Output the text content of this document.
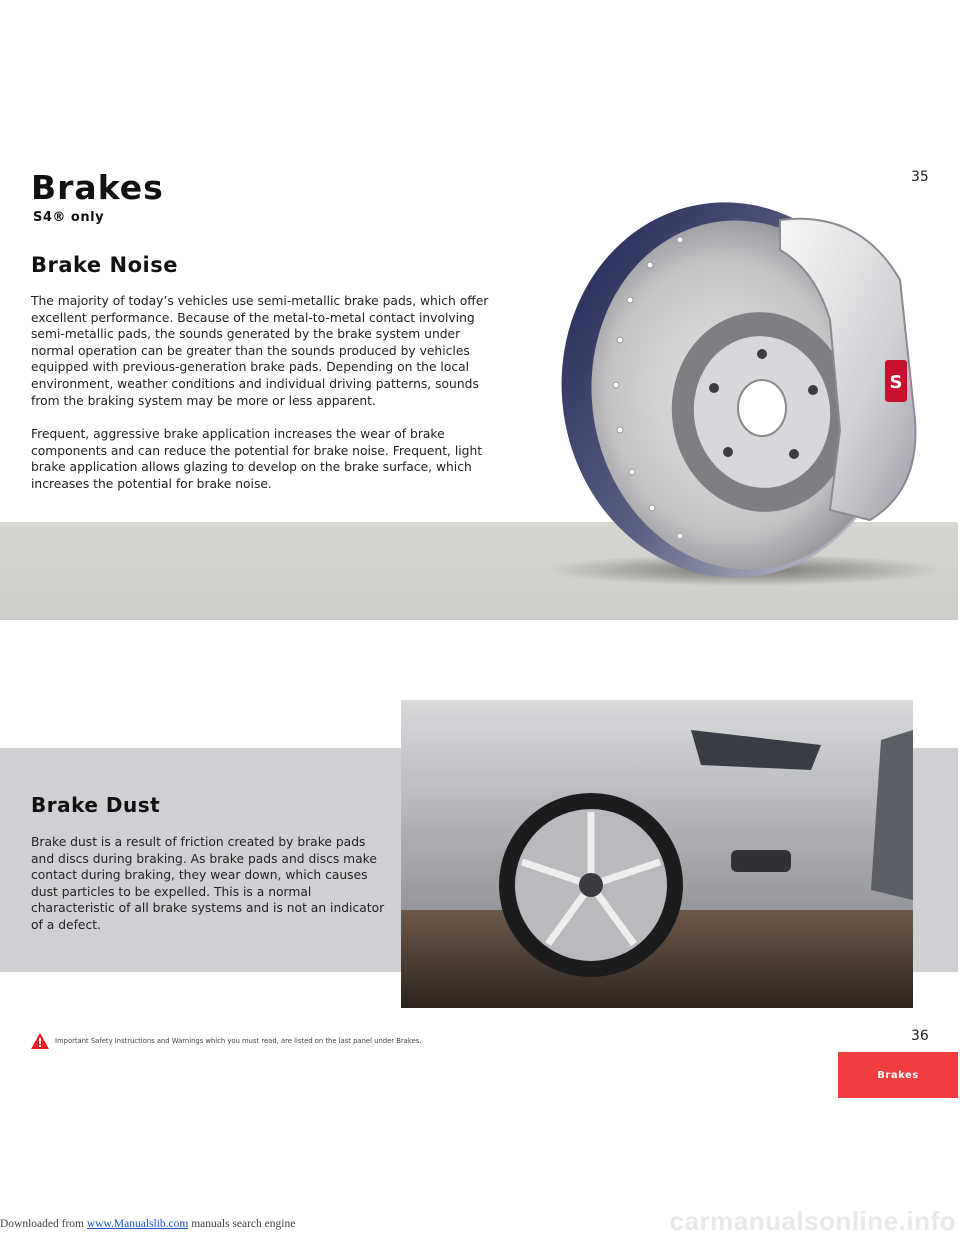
Brakes
S4® only
35
Brake Noise

The majority of today’s vehicles use semi-metallic brake pads, which offer excellent performance. Because of the metal-to-metal contact involving semi-metallic pads, the sounds generated by the brake system under normal operation can be greater than the sounds produced by vehicles equipped with previous-generation brake pads. Depending on the local environment, weather conditions and individual driving patterns, sounds from the braking system may be more or less apparent.

Frequent, aggressive brake application increases the wear of brake components and can reduce the potential for brake noise. Frequent, light brake application allows glazing to develop on the brake surface, which increases the potential for brake noise.

S
Brake Dust

Brake dust is a result of friction created by brake pads and discs during braking. As brake pads and discs make contact during braking, they wear down, which causes dust particles to be expelled. This is a normal characteristic of all brake systems and is not an indicator of a defect.

Important Safety Instructions and Warnings which you must read, are listed on the last panel under Brakes.	36
Brakes
Downloaded from www.Manualslib.com manuals search engine	carmanualsonline.info
